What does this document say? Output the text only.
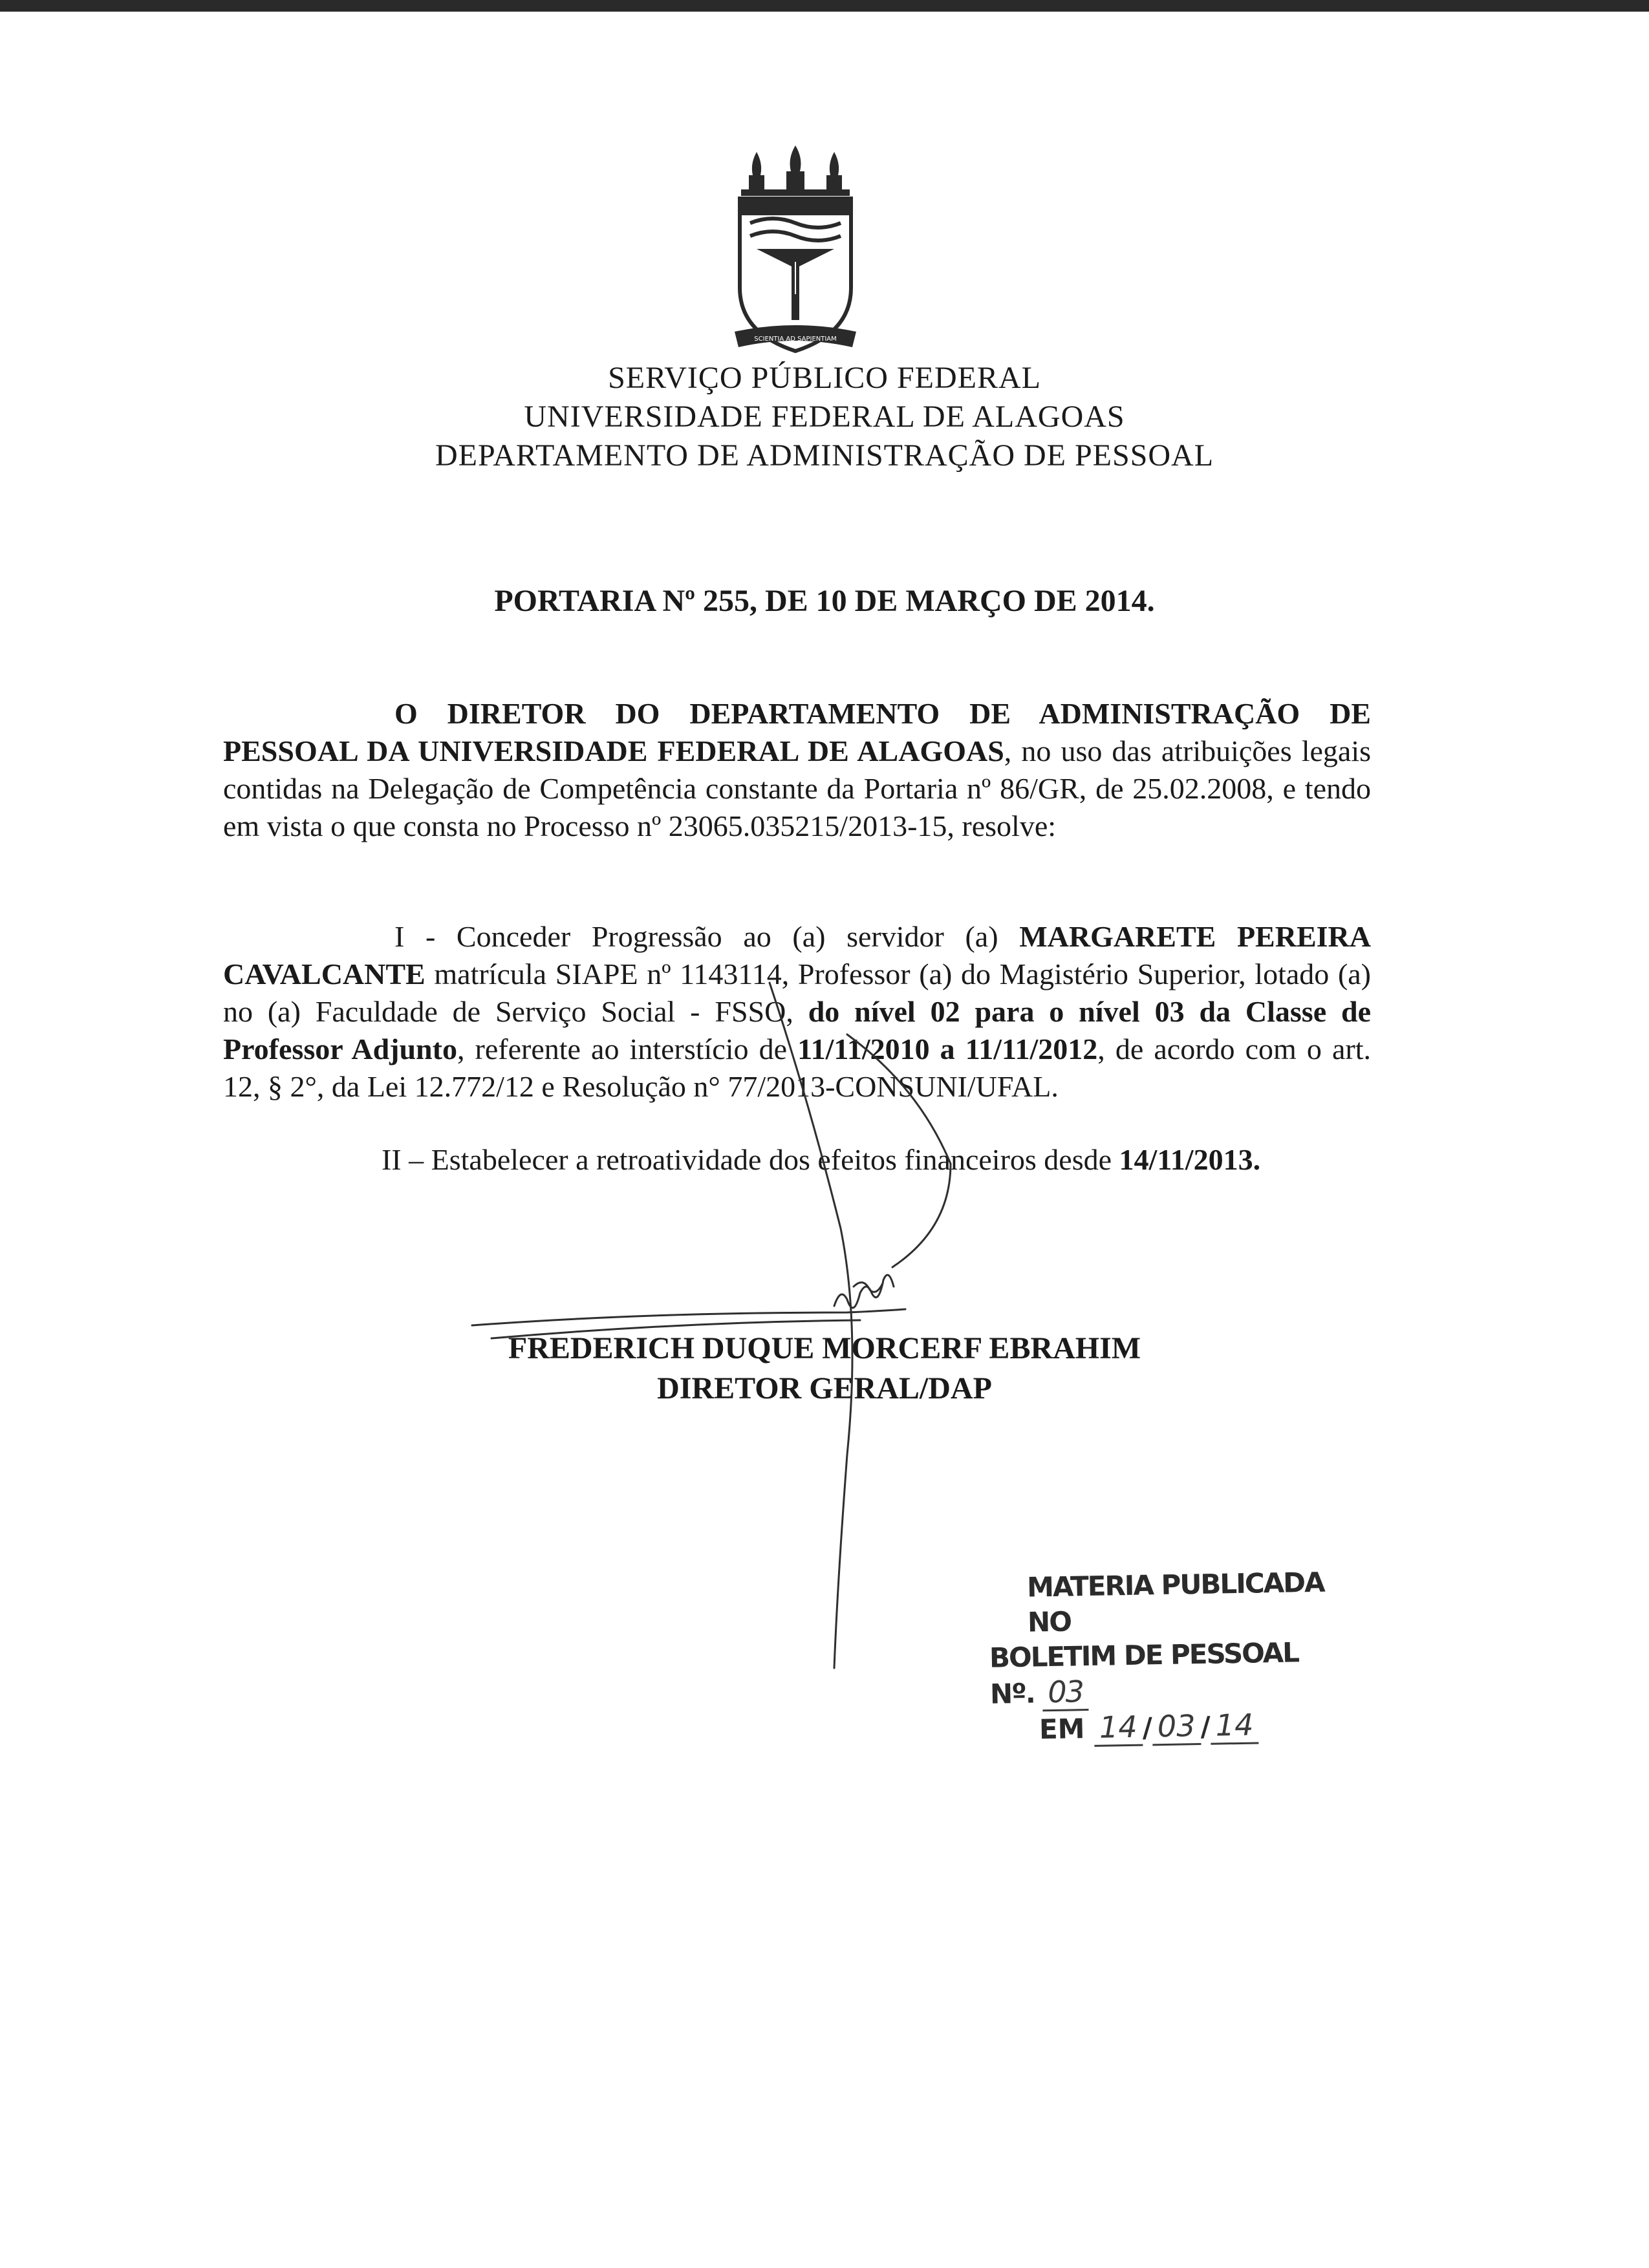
SCIENTIA AD SAPIENTIAM
SERVIÇO PÚBLICO FEDERAL
UNIVERSIDADE FEDERAL DE ALAGOAS
DEPARTAMENTO DE ADMINISTRAÇÃO DE PESSOAL
PORTARIA Nº 255, DE 10 DE MARÇO DE 2014.
O DIRETOR DO DEPARTAMENTO DE ADMINISTRAÇÃO DE PESSOAL DA UNIVERSIDADE FEDERAL DE ALAGOAS, no uso das atribuições legais contidas na Delegação de Competência constante da Portaria nº 86/GR, de 25.02.2008, e tendo em vista o que consta no Processo nº 23065.035215/2013-15, resolve:
I - Conceder Progressão ao (a) servidor (a) MARGARETE PEREIRA CAVALCANTE matrícula SIAPE nº 1143114, Professor (a) do Magistério Superior, lotado (a) no (a) Faculdade de Serviço Social - FSSO, do nível 02 para o nível 03 da Classe de Professor Adjunto, referente ao interstício de 11/11/2010 a 11/11/2012, de acordo com o art. 12, § 2°, da Lei 12.772/12 e Resolução n° 77/2013-CONSUNI/UFAL.
II – Estabelecer a retroatividade dos efeitos financeiros desde 14/11/2013.
FREDERICH DUQUE MORCERF EBRAHIM
DIRETOR GERAL/DAP
MATERIA PUBLICADA NO
BOLETIM DE PESSOAL Nº. 03
EM 14 / 03 / 14
